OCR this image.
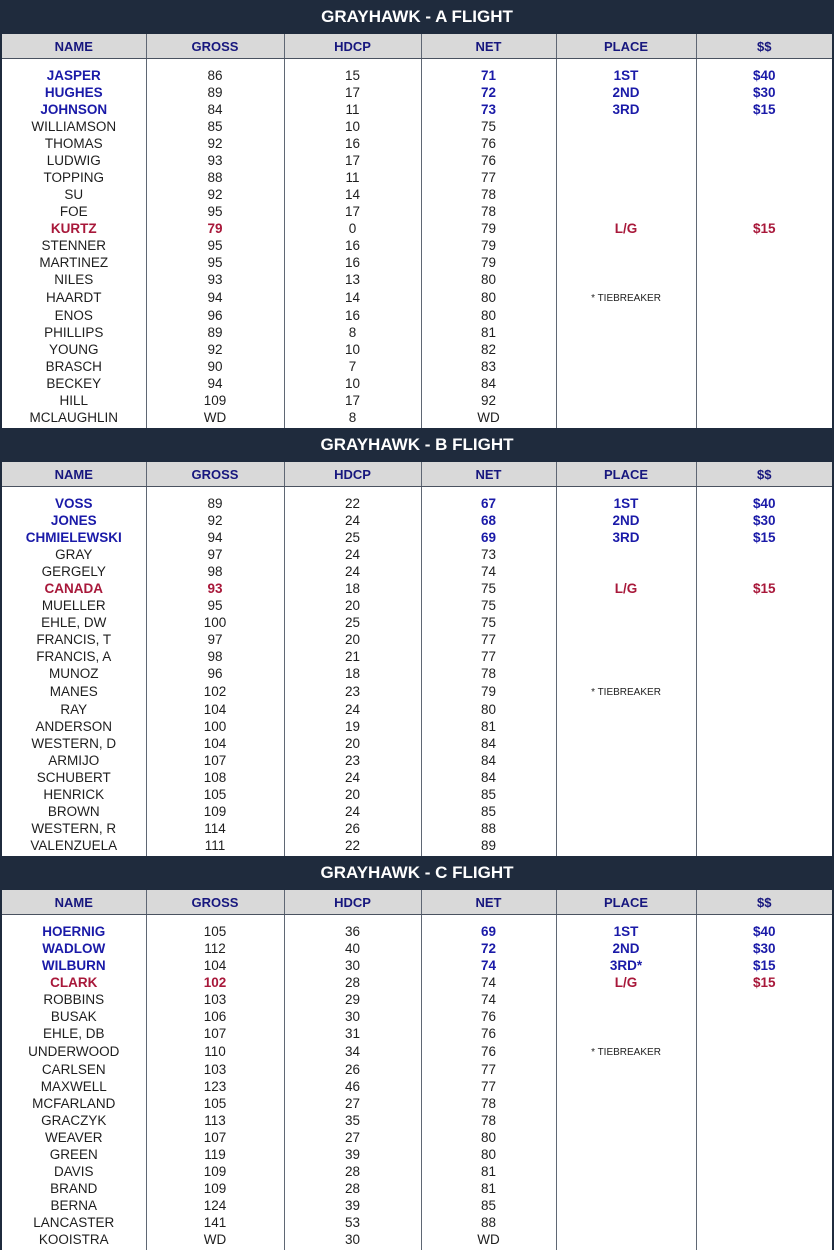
GRAYHAWK - A FLIGHT
NAME	GROSS	HDCP	NET	PLACE	$$

JASPER	86	15	71	1ST	$40
HUGHES	89	17	72	2ND	$30
JOHNSON	84	11	73	3RD	$15
WILLIAMSON	85	10	75		
THOMAS	92	16	76		
LUDWIG	93	17	76		
TOPPING	88	11	77		
SU	92	14	78		
FOE	95	17	78		
KURTZ	79	0	79	L/G	$15
STENNER	95	16	79		
MARTINEZ	95	16	79		
NILES	93	13	80		
HAARDT	94	14	80	* TIEBREAKER	
ENOS	96	16	80		
PHILLIPS	89	8	81		
YOUNG	92	10	82		
BRASCH	90	7	83		
BECKEY	94	10	84		
HILL	109	17	92		
MCLAUGHLIN	WD	8	WD		
GRAYHAWK - B FLIGHT
NAME	GROSS	HDCP	NET	PLACE	$$

VOSS	89	22	67	1ST	$40
JONES	92	24	68	2ND	$30
CHMIELEWSKI	94	25	69	3RD	$15
GRAY	97	24	73		
GERGELY	98	24	74		
CANADA	93	18	75	L/G	$15
MUELLER	95	20	75		
EHLE, DW	100	25	75		
FRANCIS, T	97	20	77		
FRANCIS, A	98	21	77		
MUNOZ	96	18	78		
MANES	102	23	79	* TIEBREAKER	
RAY	104	24	80		
ANDERSON	100	19	81		
WESTERN, D	104	20	84		
ARMIJO	107	23	84		
SCHUBERT	108	24	84		
HENRICK	105	20	85		
BROWN	109	24	85		
WESTERN, R	114	26	88		
VALENZUELA	111	22	89		
GRAYHAWK - C FLIGHT
NAME	GROSS	HDCP	NET	PLACE	$$

HOERNIG	105	36	69	1ST	$40
WADLOW	112	40	72	2ND	$30
WILBURN	104	30	74	3RD*	$15
CLARK	102	28	74	L/G	$15
ROBBINS	103	29	74		
BUSAK	106	30	76		
EHLE, DB	107	31	76		
UNDERWOOD	110	34	76	* TIEBREAKER	
CARLSEN	103	26	77		
MAXWELL	123	46	77		
MCFARLAND	105	27	78		
GRACZYK	113	35	78		
WEAVER	107	27	80		
GREEN	119	39	80		
DAVIS	109	28	81		
BRAND	109	28	81		
BERNA	124	39	85		
LANCASTER	141	53	88		
KOOISTRA	WD	30	WD		
